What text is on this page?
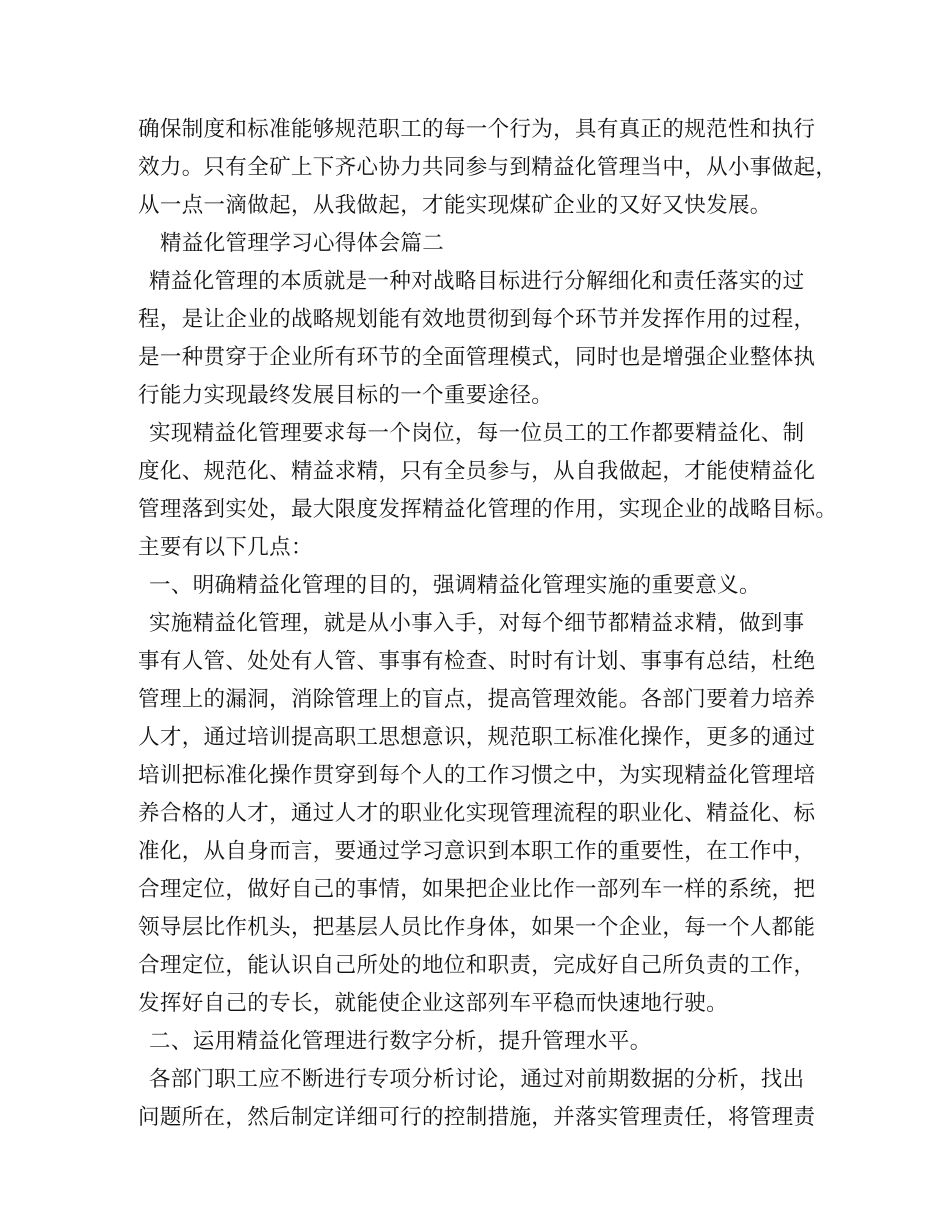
确保制度和标准能够规范职工的每一个行为，具有真正的规范性和执行
效力。只有全矿上下齐心协力共同参与到精益化管理当中，从小事做起，
从一点一滴做起，从我做起，才能实现煤矿企业的又好又快发展。
精益化管理学习心得体会篇二
精益化管理的本质就是一种对战略目标进行分解细化和责任落实的过
程，是让企业的战略规划能有效地贯彻到每个环节并发挥作用的过程，
是一种贯穿于企业所有环节的全面管理模式，同时也是增强企业整体执
行能力实现最终发展目标的一个重要途径。
实现精益化管理要求每一个岗位，每一位员工的工作都要精益化、制
度化、规范化、精益求精，只有全员参与，从自我做起，才能使精益化
管理落到实处，最大限度发挥精益化管理的作用，实现企业的战略目标。
主要有以下几点：
一、明确精益化管理的目的，强调精益化管理实施的重要意义。
实施精益化管理，就是从小事入手，对每个细节都精益求精，做到事
事有人管、处处有人管、事事有检查、时时有计划、事事有总结，杜绝
管理上的漏洞，消除管理上的盲点，提高管理效能。各部门要着力培养
人才，通过培训提高职工思想意识，规范职工标准化操作，更多的通过
培训把标准化操作贯穿到每个人的工作习惯之中，为实现精益化管理培
养合格的人才，通过人才的职业化实现管理流程的职业化、精益化、标
准化，从自身而言，要通过学习意识到本职工作的重要性，在工作中，
合理定位，做好自己的事情，如果把企业比作一部列车一样的系统，把
领导层比作机头，把基层人员比作身体，如果一个企业，每一个人都能
合理定位，能认识自己所处的地位和职责，完成好自己所负责的工作，
发挥好自己的专长，就能使企业这部列车平稳而快速地行驶。
二、运用精益化管理进行数字分析，提升管理水平。
各部门职工应不断进行专项分析讨论，通过对前期数据的分析，找出
问题所在，然后制定详细可行的控制措施，并落实管理责任，将管理责
